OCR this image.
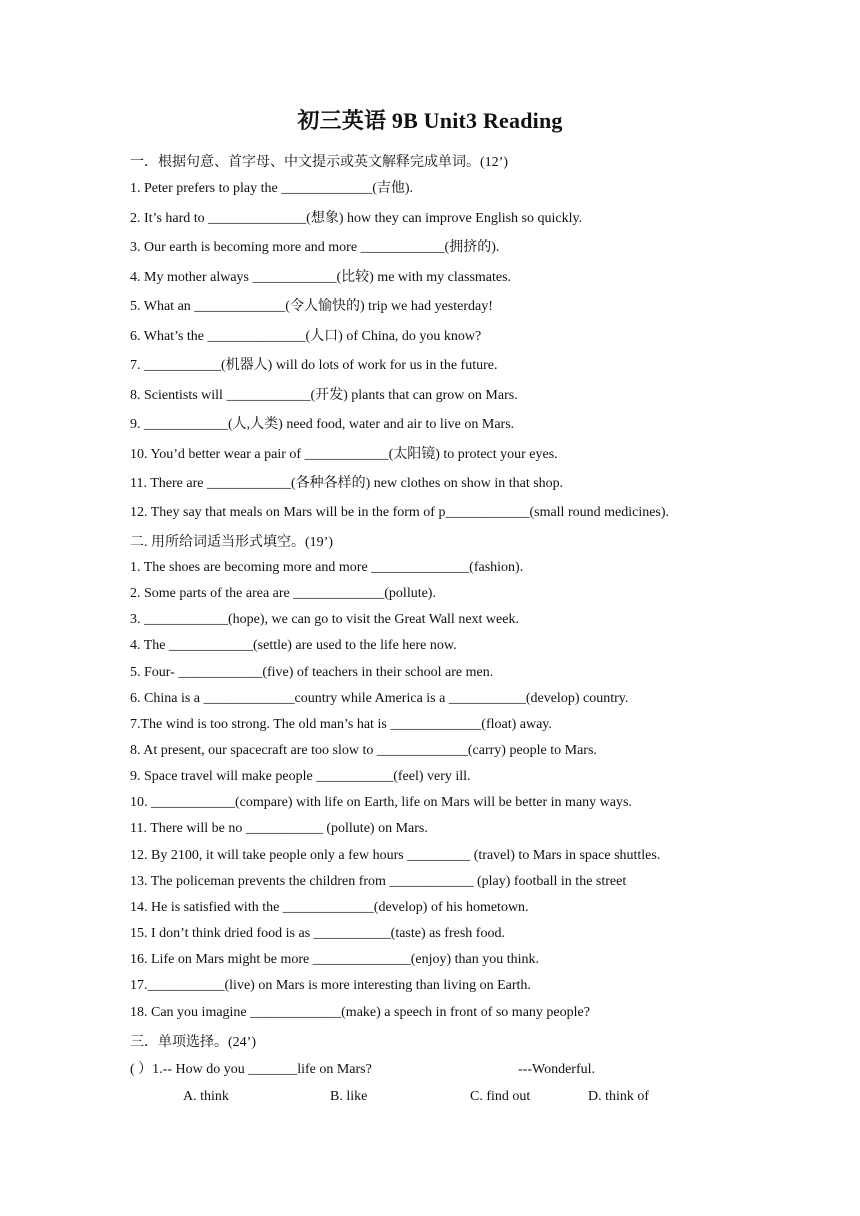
初三英语 9B Unit3 Reading
一．根据句意、首字母、中文提示或英文解释完成单词。(12’)
1. Peter prefers to play the _____________(吉他).
2. It’s hard to ______________(想象) how they can improve English so quickly.
3. Our earth is becoming more and more ____________(拥挤的).
4. My mother always ____________(比较) me with my classmates.
5. What an _____________(令人愉快的) trip we had yesterday!
6. What’s the ______________(人口) of China, do you know?
7. ___________(机器人) will do lots of work for us in the future.
8. Scientists will ____________(开发) plants that can grow on Mars.
9. ____________(人,人类) need food, water and air to live on Mars.
10. You’d better wear a pair of ____________(太阳镜) to protect your eyes.
11. There are ____________(各种各样的) new clothes on show in that shop.
12. They say that meals on Mars will be in the form of p____________(small round medicines).
二. 用所给词适当形式填空。(19’)
1. The shoes are becoming more and more ______________(fashion).
2. Some parts of the area are _____________(pollute).
3. ____________(hope), we can go to visit the Great Wall next week.
4. The ____________(settle) are used to the life here now.
5. Four- ____________(five) of teachers in their school are men.
6. China is a _____________country while America is a ___________(develop) country.
7.The wind is too strong. The old man’s hat is _____________(float) away.
8. At present, our spacecraft are too slow to _____________(carry) people to Mars.
9. Space travel will make people ___________(feel) very ill.
10. ____________(compare) with life on Earth, life on Mars will be better in many ways.
11. There will be no ___________ (pollute) on Mars.
12. By 2100, it will take people only a few hours _________ (travel) to Mars in space shuttles.
13. The policeman prevents the children from ____________ (play) football in the street
14. He is satisfied with the _____________(develop) of his hometown.
15. I don’t think dried food is as ___________(taste) as fresh food.
16. Life on Mars might be more ______________(enjoy) than you think.
17.___________(live) on Mars is more interesting than living on Earth.
18. Can you imagine _____________(make) a speech in front of so many people?
三．单项选择。(24’)
( ）1.-- How do you _______life on Mars?	---Wonderful.
A. think	B. like	C. find out	D. think of
